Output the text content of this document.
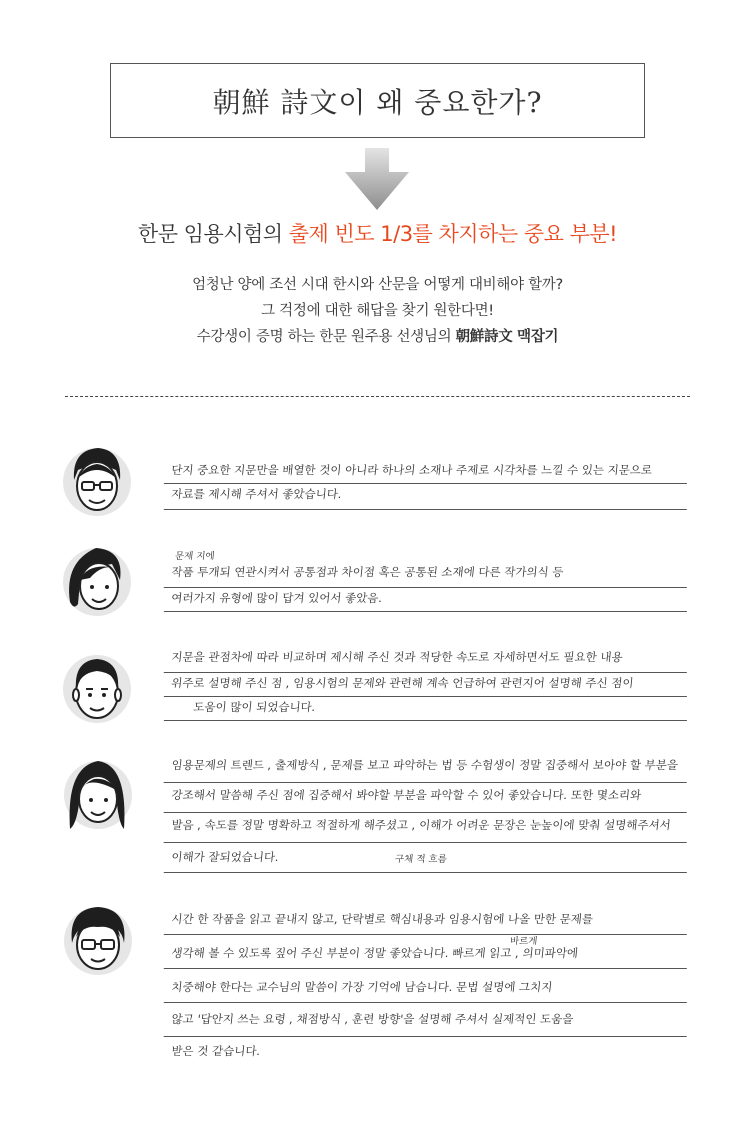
朝鮮 詩文이 왜 중요한가?
한문 임용시험의 출제 빈도 1/3를 차지하는 중요 부분!
엄청난 양에 조선 시대 한시와 산문을 어떻게 대비해야 할까?
그 걱정에 대한 해답을 찾기 원한다면!
수강생이 증명 하는 한문 원주용 선생님의 朝鮮詩文 맥잡기
단지 중요한 지문만을 배열한 것이 아니라 하나의 소재나 주제로 시각차를 느낄 수 있는 지문으로
자료를 제시해 주셔서 좋았습니다.
문제 지에
작품 투개되 연관시켜서 공통점과 차이점 혹은 공통된 소재에 다른 작가의식 등
여러가지 유형에 많이 답겨 있어서 좋았음.
지문을 관점차에 따라 비교하며 제시해 주신 것과 적당한 속도로 자세하면서도 필요한 내용
위주로 설명해 주신 점 , 임용시험의 문제와 관련해 계속 언급하여 관련지어 설명해 주신 점이
도움이 많이 되었습니다.
임용문제의 트렌드 , 출제방식 , 문제를 보고 파악하는 법 등 수험생이 정말 집중해서 보아야 할 부분을
강조해서 말씀해 주신 점에 집중해서 봐야할 부분을 파악할 수 있어 좋았습니다. 또한 몇소리와
발음 , 속도를 정말 명확하고 적절하게 해주셨고 , 이해가 어려운 문장은 눈높이에 맞춰 설명해주셔서
이해가 잘되었습니다.	구체 적 흐름
바르게
시간 한 작품을 읽고 끝내지 않고, 단락별로 핵심내용과 임용시험에 나올 만한 문제를
생각해 볼 수 있도록 짚어 주신 부분이 정말 좋았습니다. 빠르게 읽고 , 의미파악에
치중해야 한다는 교수님의 말씀이 가장 기억에 남습니다. 문법 설명에 그치지
않고 '답안지 쓰는 요령 , 채점방식 , 훈련 방향'을 설명해 주셔서 실제적인 도움을
받은 것 같습니다.
